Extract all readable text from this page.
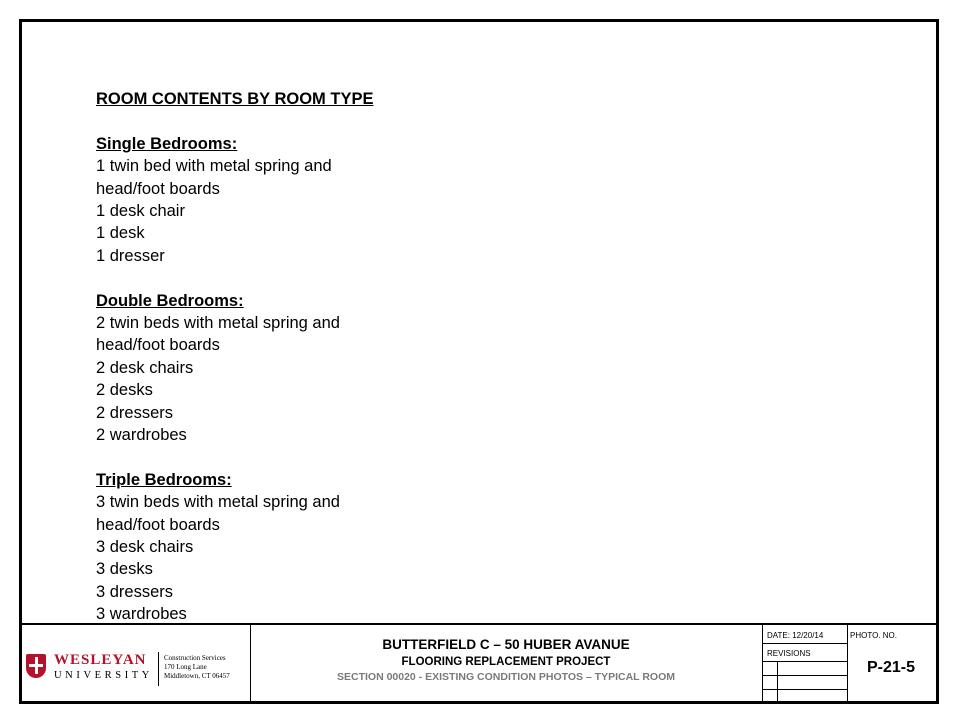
ROOM CONTENTS BY ROOM TYPE
Single Bedrooms:
1 twin bed with metal spring and
head/foot boards
1 desk chair
1 desk
1 dresser
Double Bedrooms:
2 twin beds with metal spring and
head/foot boards
2 desk chairs
2 desks
2 dressers
2 wardrobes
Triple Bedrooms:
3 twin beds with metal spring and
head/foot boards
3 desk chairs
3 desks
3 dressers
3 wardrobes
WESLEYAN
UNIVERSITY
Construction Services
170 Long Lane
Middletown, CT 06457
BUTTERFIELD C – 50 HUBER AVANUE
FLOORING REPLACEMENT PROJECT
SECTION 00020 - EXISTING CONDITION PHOTOS – TYPICAL ROOM
DATE: 12/20/14
REVISIONS
PHOTO. NO.
P-21-5
